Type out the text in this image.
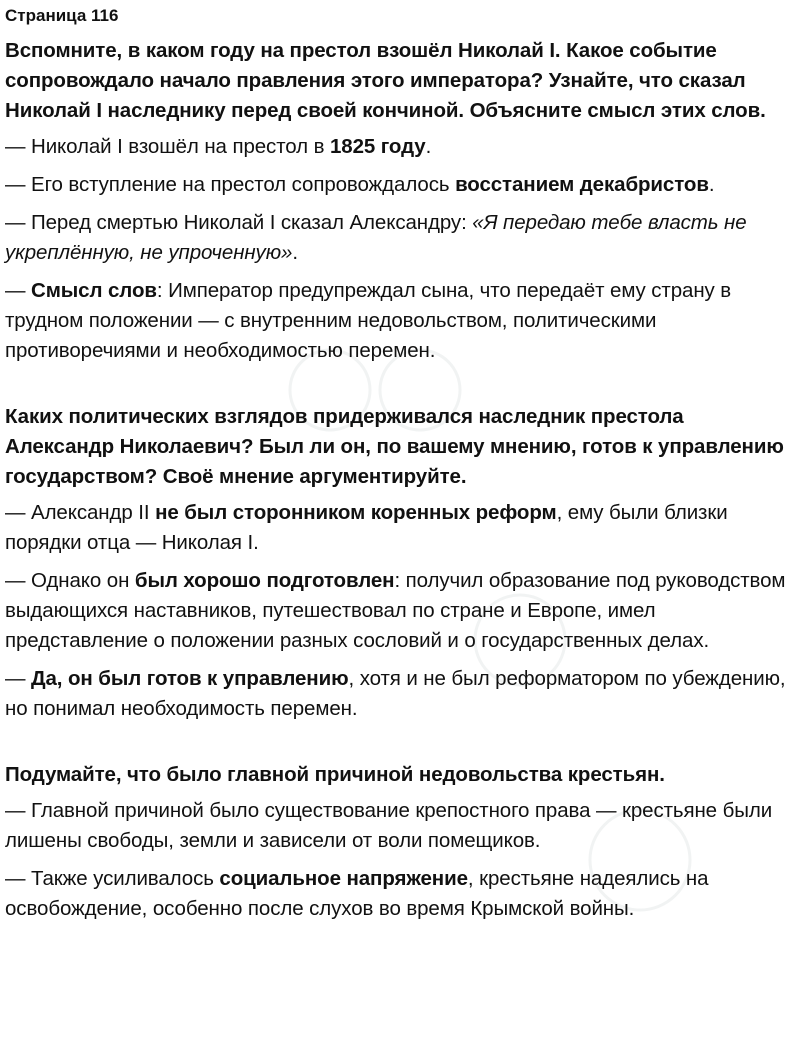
Страница 116

Вспомните, в каком году на престол взошёл Николай I. Какое событие сопровождало начало правления этого императора? Узнайте, что сказал Николай I наследнику перед своей кончиной. Объясните смысл этих слов.

— Николай I взошёл на престол в 1825 году.

— Его вступление на престол сопровождалось восстанием декабристов.

— Перед смертью Николай I сказал Александру: «Я передаю тебе власть не укреплённую, не упроченную».

— Смысл слов: Император предупреждал сына, что передаёт ему страну в трудном положении — с внутренним недовольством, политическими противоречиями и необходимостью перемен.

Каких политических взглядов придерживался наследник престола Александр Николаевич? Был ли он, по вашему мнению, готов к управлению государством? Своё мнение аргументируйте.

— Александр II не был сторонником коренных реформ, ему были близки порядки отца — Николая I.

— Однако он был хорошо подготовлен: получил образование под руководством выдающихся наставников, путешествовал по стране и Европе, имел представление о положении разных сословий и о государственных делах.

— Да, он был готов к управлению, хотя и не был реформатором по убеждению, но понимал необходимость перемен.

Подумайте, что было главной причиной недовольства крестьян.

— Главной причиной было существование крепостного права — крестьяне были лишены свободы, земли и зависели от воли помещиков.

— Также усиливалось социальное напряжение, крестьяне надеялись на освобождение, особенно после слухов во время Крымской войны.
